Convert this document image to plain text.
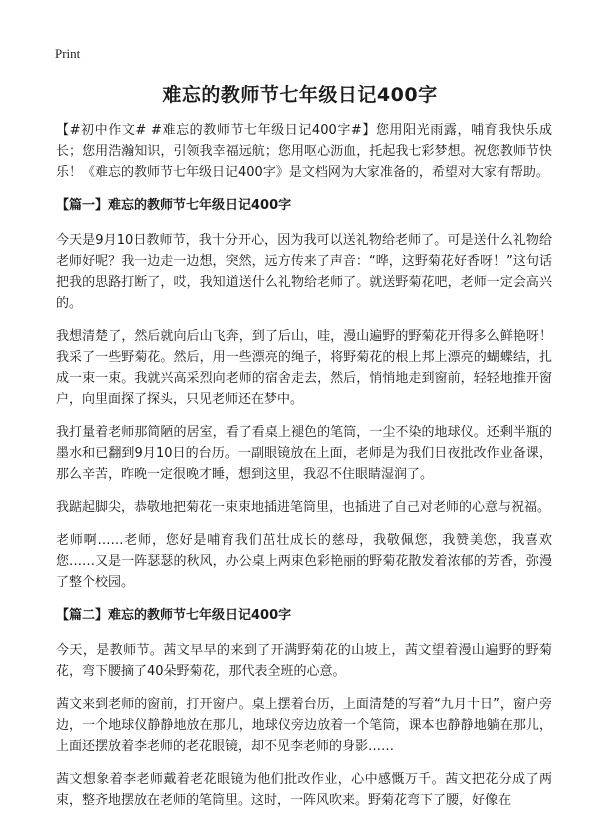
Print
难忘的教师节七年级日记400字

【#初中作文# #难忘的教师节七年级日记400字#】您用阳光雨露，哺育我快乐成长；您用浩瀚知识，引领我幸福远航；您用呕心沥血，托起我七彩梦想。祝您教师节快乐！《难忘的教师节七年级日记400字》是文档网为大家准备的，希望对大家有帮助。

【篇一】难忘的教师节七年级日记400字

今天是9月10日教师节，我十分开心，因为我可以送礼物给老师了。可是送什么礼物给老师好呢？我一边走一边想，突然，远方传来了声音：“哗，这野菊花好香呀！”这句话把我的思路打断了，哎，我知道送什么礼物给老师了。就送野菊花吧，老师一定会高兴的。

我想清楚了，然后就向后山飞奔，到了后山，哇，漫山遍野的野菊花开得多么鲜艳呀！我采了一些野菊花。然后，用一些漂亮的绳子，将野菊花的根上邦上漂亮的蝴蝶结，扎成一束一束。我就兴高采烈向老师的宿舍走去，然后，悄悄地走到窗前，轻轻地推开窗户，向里面探了探头，只见老师还在梦中。

我打量着老师那简陋的居室，看了看桌上褪色的笔筒，一尘不染的地球仪。还剩半瓶的墨水和已翻到9月10日的台历。一副眼镜放在上面，老师是为我们日夜批改作业备课，那么辛苦，昨晚一定很晚才睡，想到这里，我忍不住眼睛湿润了。

我踮起脚尖，恭敬地把菊花一束束地插进笔筒里，也插进了自己对老师的心意与祝福。

老师啊……老师，您好是哺育我们茁壮成长的慈母，我敬佩您，我赞美您，我喜欢您……又是一阵瑟瑟的秋风，办公桌上两束色彩艳丽的野菊花散发着浓郁的芳香，弥漫了整个校园。

【篇二】难忘的教师节七年级日记400字

今天，是教师节。茜文早早的来到了开满野菊花的山坡上，茜文望着漫山遍野的野菊花，弯下腰摘了40朵野菊花，那代表全班的心意。

茜文来到老师的窗前，打开窗户。桌上摆着台历，上面清楚的写着“九月十日”，窗户旁边，一个地球仪静静地放在那儿，地球仪旁边放着一个笔筒，课本也静静地躺在那儿，上面还摆放着李老师的老花眼镜，却不见李老师的身影……

茜文想象着李老师戴着老花眼镜为他们批改作业，心中感慨万千。茜文把花分成了两束，整齐地摆放在老师的笔筒里。这时，一阵风吹来。野菊花弯下了腰，好像在
